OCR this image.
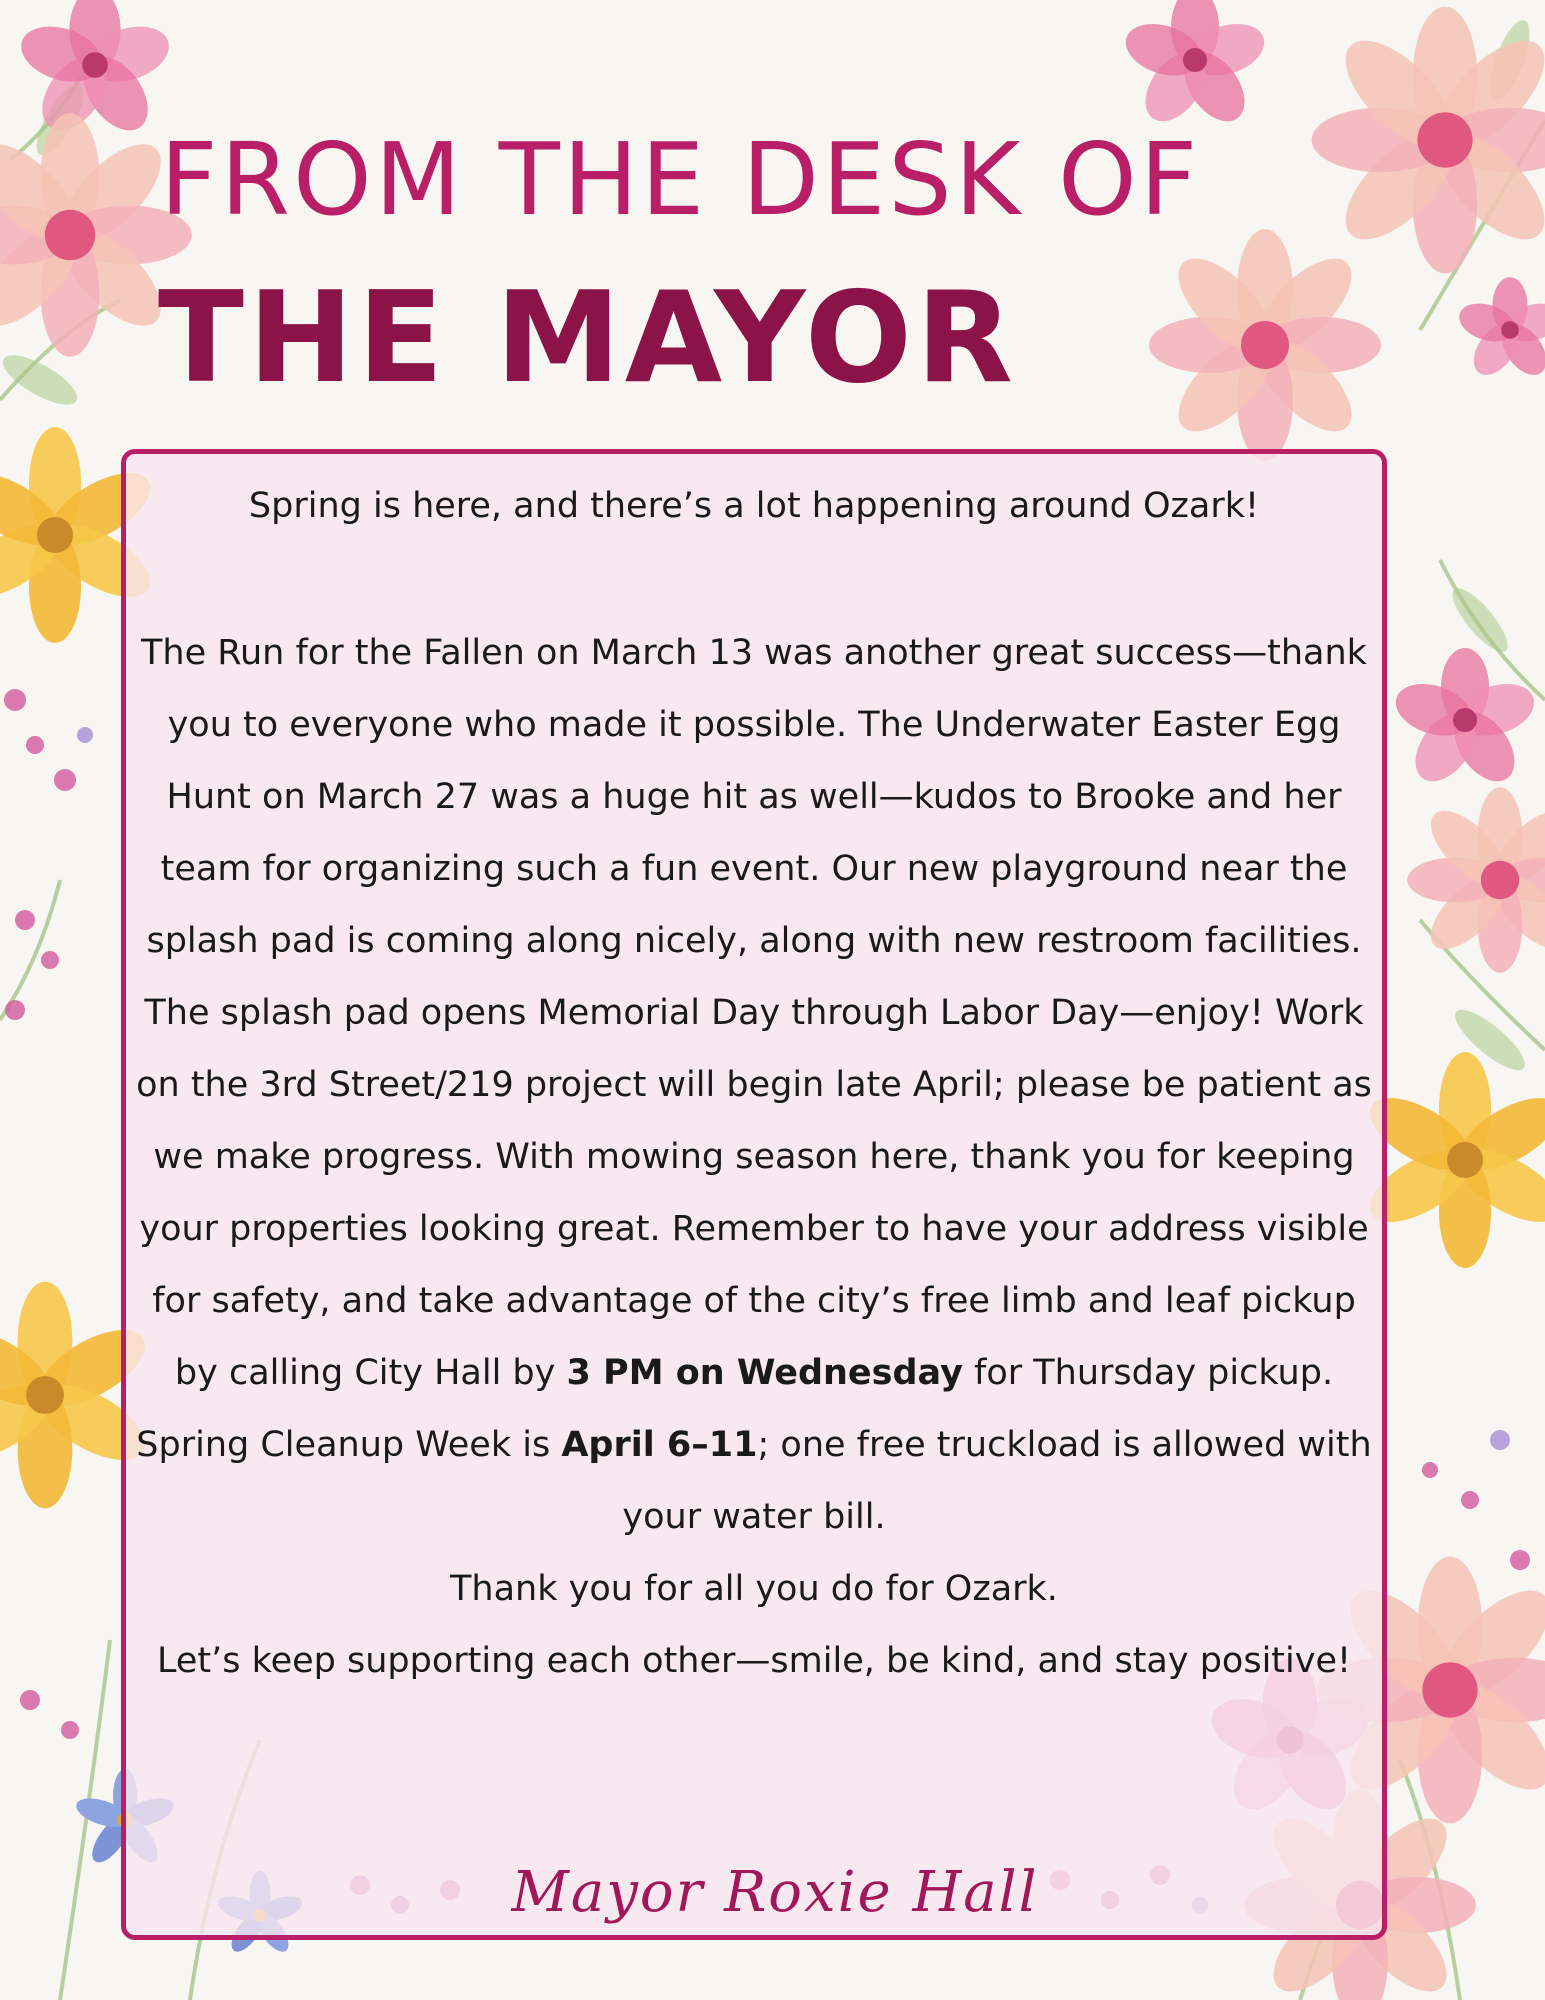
FROM THE DESK OF
THE MAYOR

Spring is here, and there’s a lot happening around Ozark!

The Run for the Fallen on March 13 was another great success—thank you to everyone who made it possible. The Underwater Easter Egg Hunt on March 27 was a huge hit as well—kudos to Brooke and her team for organizing such a fun event. Our new playground near the splash pad is coming along nicely, along with new restroom facilities. The splash pad opens Memorial Day through Labor Day—enjoy! Work on the 3rd Street/219 project will begin late April; please be patient as we make progress. With mowing season here, thank you for keeping your properties looking great. Remember to have your address visible for safety, and take advantage of the city’s free limb and leaf pickup by calling City Hall by 3 PM on Wednesday for Thursday pickup. Spring Cleanup Week is April 6–11; one free truckload is allowed with your water bill.
Thank you for all you do for Ozark.
Let’s keep supporting each other—smile, be kind, and stay positive!

Mayor Roxie Hall
